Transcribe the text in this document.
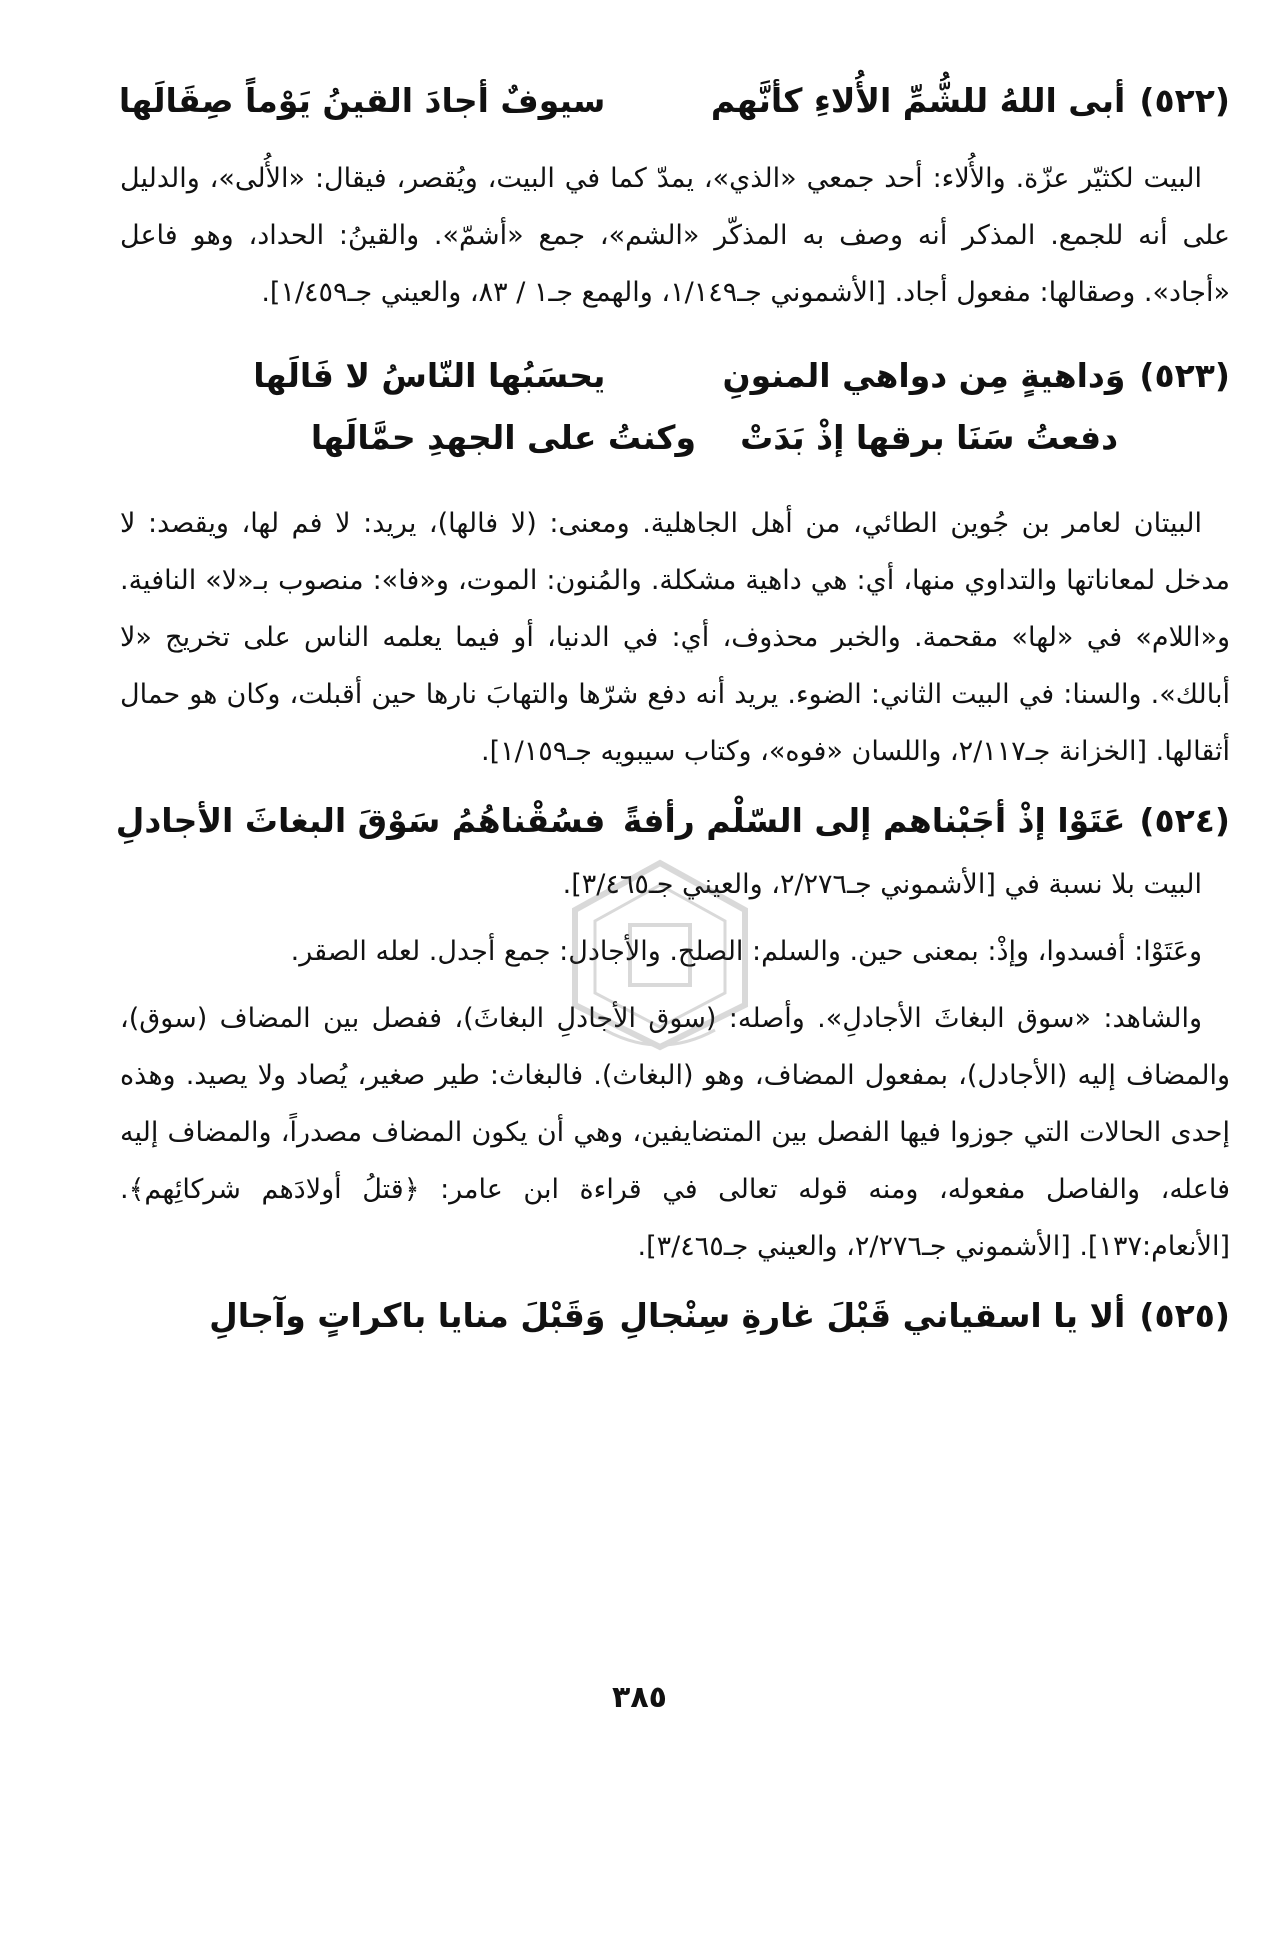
(٥٢٢)
أبى اللهُ للشُّمِّ الأُلاءِ كأنَّهم
سيوفٌ أجادَ القينُ يَوْماً صِقَالَها

البيت لكثيّر عزّة. والأُلاء: أحد جمعي «الذي»، يمدّ كما في البيت، ويُقصر، فيقال: «الأُلى»، والدليل على أنه للجمع. المذكر أنه وصف به المذكّر «الشم»، جمع «أشمّ». والقينُ: الحداد، وهو فاعل «أجاد». وصقالها: مفعول أجاد. [الأشموني جـ١/١٤٩، والهمع جـ١ / ٨٣، والعيني جـ١/٤٥٩].

(٥٢٣)
وَداهيةٍ مِن دواهي المنونِ
يحسَبُها النّاسُ لا فَالَها
دفعتُ سَنَا برقها إذْ بَدَتْ
وكنتُ على الجهدِ حمَّالَها

البيتان لعامر بن جُوين الطائي، من أهل الجاهلية. ومعنى: (لا فالها)، يريد: لا فم لها، ويقصد: لا مدخل لمعاناتها والتداوي منها، أي: هي داهية مشكلة. والمُنون: الموت، و«فا»: منصوب بـ«لا» النافية. و«اللام» في «لها» مقحمة. والخبر محذوف، أي: في الدنيا، أو فيما يعلمه الناس على تخريج «لا أبالك». والسنا: في البيت الثاني: الضوء. يريد أنه دفع شرّها والتهابَ نارها حين أقبلت، وكان هو حمال أثقالها. [الخزانة جـ٢/١١٧، واللسان «فوه»، وكتاب سيبويه جـ١/١٥٩].

(٥٢٤)
عَتَوْا إذْ أجَبْناهم إلى السّلْم رأفةً
فسُقْناهُمُ سَوْقَ البغاثَ الأجادلِ

البيت بلا نسبة في [الأشموني جـ٢/٢٧٦، والعيني جـ٣/٤٦٥].

وعَتَوْا: أفسدوا، وإذْ: بمعنى حين. والسلم: الصلح. والأجادل: جمع أجدل. لعله الصقر.

والشاهد: «سوق البغاثَ الأجادلِ». وأصله: (سوق الأجادلِ البغاثَ)، ففصل بين المضاف (سوق)، والمضاف إليه (الأجادل)، بمفعول المضاف، وهو (البغاث). فالبغاث: طير صغير، يُصاد ولا يصيد. وهذه إحدى الحالات التي جوزوا فيها الفصل بين المتضايفين، وهي أن يكون المضاف مصدراً، والمضاف إليه فاعله، والفاصل مفعوله، ومنه قوله تعالى في قراءة ابن عامر: ﴿قتلُ أولادَهم شركائِهم﴾. [الأنعام:١٣٧]. [الأشموني جـ٢/٢٧٦، والعيني جـ٣/٤٦٥].

(٥٢٥)
ألا يا اسقياني قَبْلَ غارةِ سِنْجالِ
وَقَبْلَ منايا باكراتٍ وآجالِ
٣٨٥
